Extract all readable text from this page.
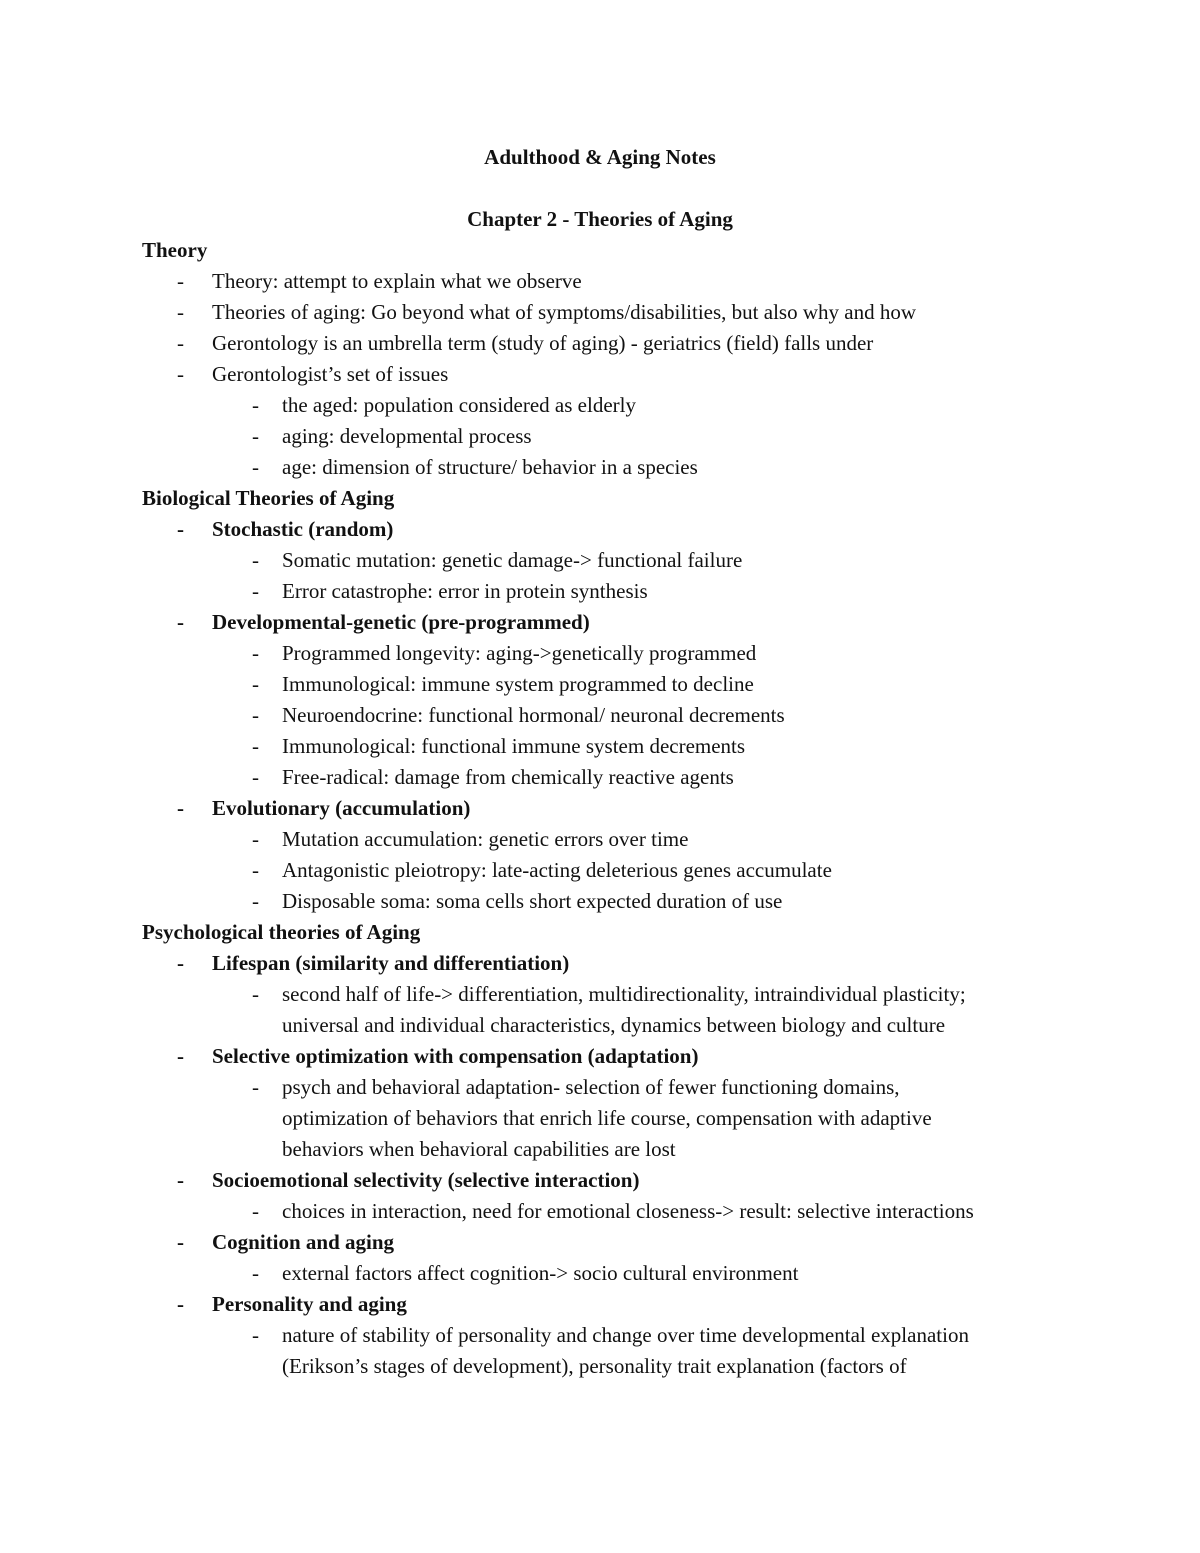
Adulthood & Aging Notes
Chapter 2 - Theories of Aging
Theory
- Theory: attempt to explain what we observe
- Theories of aging: Go beyond what of symptoms/disabilities, but also why and how
- Gerontology is an umbrella term (study of aging) - geriatrics (field) falls under
- Gerontologist’s set of issues
- the aged: population considered as elderly
- aging: developmental process
- age: dimension of structure/ behavior in a species
Biological Theories of Aging
- Stochastic (random)
- Somatic mutation: genetic damage-> functional failure
- Error catastrophe: error in protein synthesis
- Developmental-genetic (pre-programmed)
- Programmed longevity: aging->genetically programmed
- Immunological: immune system programmed to decline
- Neuroendocrine: functional hormonal/ neuronal decrements
- Immunological: functional immune system decrements
- Free-radical: damage from chemically reactive agents
- Evolutionary (accumulation)
- Mutation accumulation: genetic errors over time
- Antagonistic pleiotropy: late-acting deleterious genes accumulate
- Disposable soma: soma cells short expected duration of use
Psychological theories of Aging
- Lifespan (similarity and differentiation)
- second half of life-> differentiation, multidirectionality, intraindividual plasticity;
universal and individual characteristics, dynamics between biology and culture
- Selective optimization with compensation (adaptation)
- psych and behavioral adaptation- selection of fewer functioning domains,
optimization of behaviors that enrich life course, compensation with adaptive
behaviors when behavioral capabilities are lost
- Socioemotional selectivity (selective interaction)
- choices in interaction, need for emotional closeness-> result: selective interactions
- Cognition and aging
- external factors affect cognition-> socio cultural environment
- Personality and aging
- nature of stability of personality and change over time developmental explanation
(Erikson’s stages of development), personality trait explanation (factors of
